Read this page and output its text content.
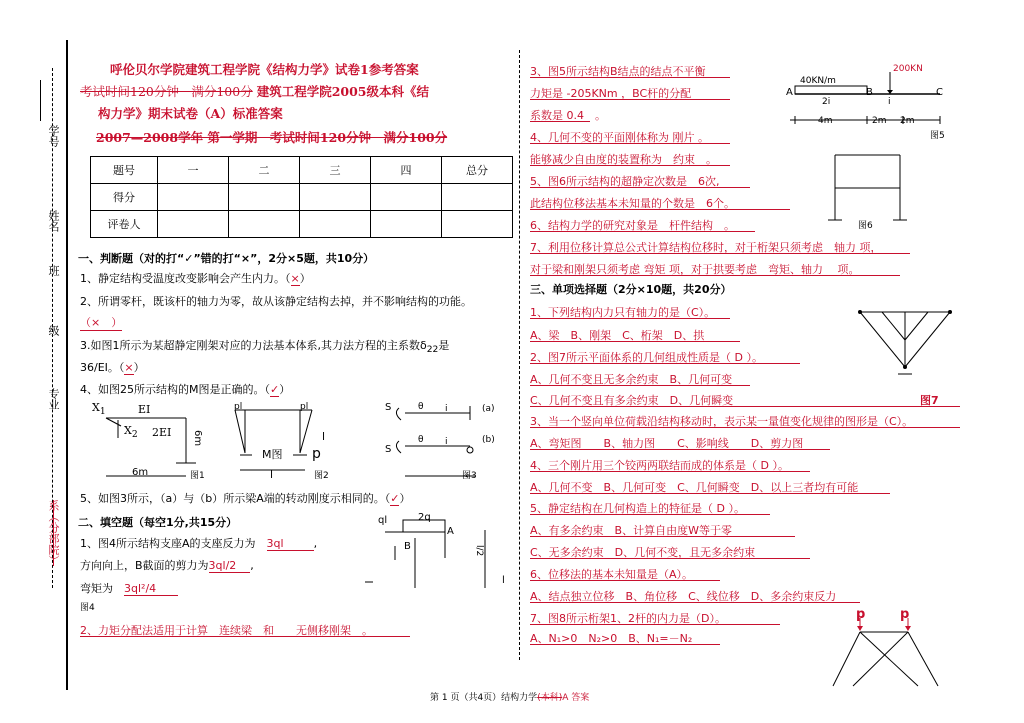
学号
姓名
班
级
专业
系（分部院）
呼伦贝尔学院建筑工程学院《结构力学》试卷1参考答案
考试时间120分钟　满分100分 建筑工程学院2005级本科《结
构力学》期末试卷（A）标准答案
2007—2008学年 第一学期　考试时间120分钟　满分100分
题号	一	二	三	四	总分
得分					
评卷人					
一、判断题（对的打“✓”错的打“×”，2分×5题，共10分）
1、静定结构受温度改变影响会产生内力。（×）
2、所谓零杆，既该杆的轴力为零，故从该静定结构去掉，并不影响结构的功能。
（×　）
3.如图1所示为某超静定刚架对应的力法基本体系,其力法方程的主系数$\delta_{22}$是
36/EI。（×）
4、如图25所示结构的M图是正确的。（✓）
$X_1$	EI
$X_2$ 2EI 6m
6m	图1
pl	pl
M图 p
l
l	图2
S
S
θ
θ
i
i
(a)
(b)
图3
5、如图3所示，（a）与（b）所示梁A端的转动刚度示相同的。（✓）
二、填空题（每空1分,共15分）
1、图4所示结构支座A的支座反力为　 3ql	,
方向向上，B截面的剪力为3ql/2 ,
弯矩为　 3ql²/4
图4
ql	2q
A
B	l/2
l
2、力矩分配法适用于计算　连续梁　和　　无侧移刚架　。
3、图5所示结构B结点的结点不平衡
力矩是 -205KNm ，BC杆的分配
系数是 0.4　。
40KN/m
200KN
A	B	C
2i	i
4m	2m 2m
图5
4、几何不变的平面刚体称为 刚片 。
能够减少自由度的装置称为　约束　。
5、图6所示结构的超静定次数是　6次,
此结构位移法基本未知量的个数是　6个。
6、结构力学的研究对象是　杆件结构　。	图6
7、利用位移计算总公式计算结构位移时，对于桁架只须考虑　轴力 项，
对于梁和刚架只须考虑 弯矩 项，对于拱要考虑　弯矩、轴力　 项。
三、单项选择题（2分×10题，共20分）
1、下列结构内力只有轴力的是（C）。
A、梁　B、刚架　C、桁架　D、拱
2、图7所示平面体系的几何组成性质是（ D ）。
A、几何不变且无多余约束　B、几何可变
C、几何不变且有多余约束　D、几何瞬变	图7
3、当一个竖向单位荷载沿结构移动时，表示某一量值变化规律的图形是（C）。
A、弯矩图　　B、轴力图　　C、影响线　　D、剪力图
4、三个刚片用三个铰两两联结而成的体系是（ D ）。
A、几何不变　B、几何可变　C、几何瞬变　D、以上三者均有可能
5、静定结构在几何构造上的特征是（ D ）。
A、有多余约束　B、计算自由度W等于零
C、无多余约束　D、几何不变，且无多余约束
6、位移法的基本未知量是（A）。
A、结点独立位移　B、角位移　C、线位移　D、多余约束反力
7、图8所示桁架1、2杆的内力是（D）。
A、N₁>0　N₂>0　B、N₁=－N₂
p	p
第 1 页（共4页）结构力学(本科)A 答案
